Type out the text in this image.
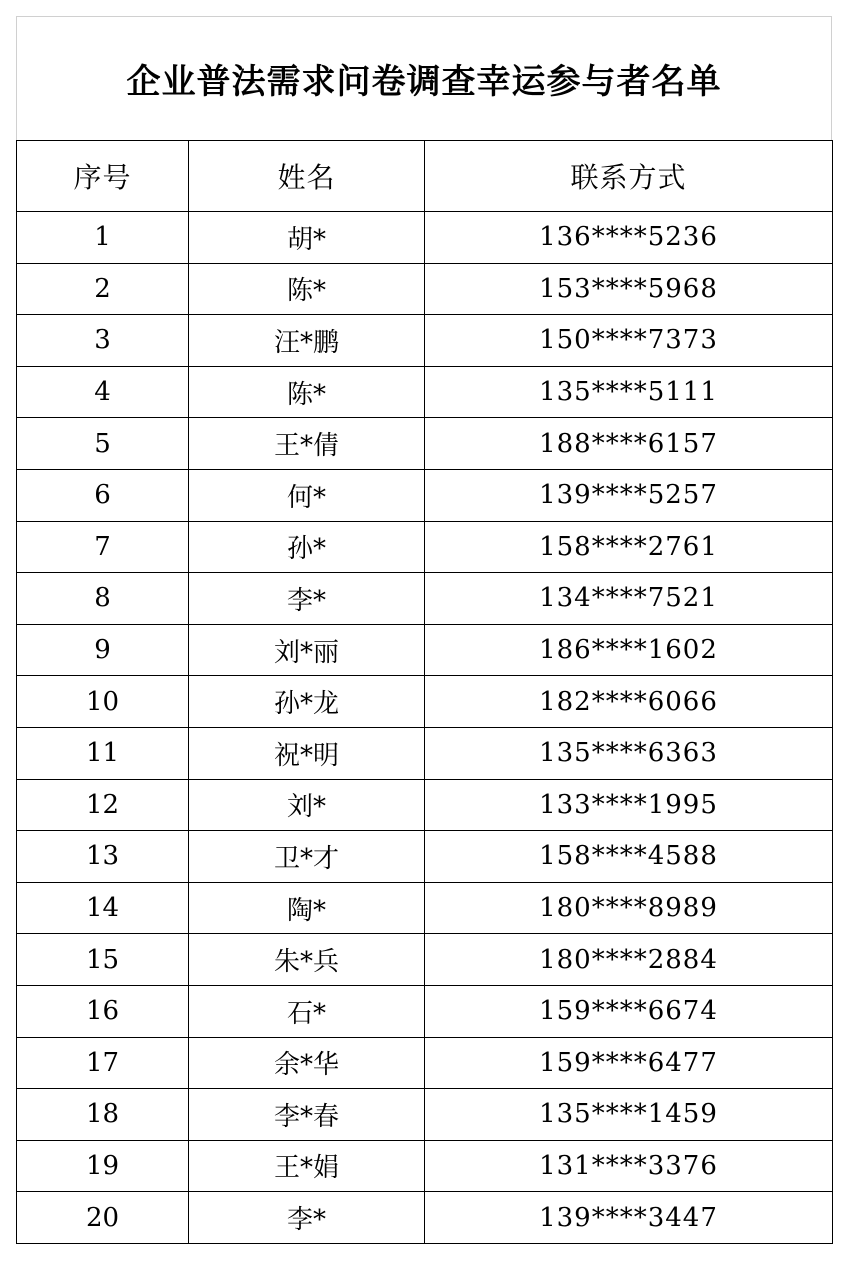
企业普法需求问卷调查幸运参与者名单
序号	姓名	联系方式
1	胡*	136****5236
2	陈*	153****5968
3	汪*鹏	150****7373
4	陈*	135****5111
5	王*倩	188****6157
6	何*	139****5257
7	孙*	158****2761
8	李*	134****7521
9	刘*丽	186****1602
10	孙*龙	182****6066
11	祝*明	135****6363
12	刘*	133****1995
13	卫*才	158****4588
14	陶*	180****8989
15	朱*兵	180****2884
16	石*	159****6674
17	余*华	159****6477
18	李*春	135****1459
19	王*娟	131****3376
20	李*	139****3447
